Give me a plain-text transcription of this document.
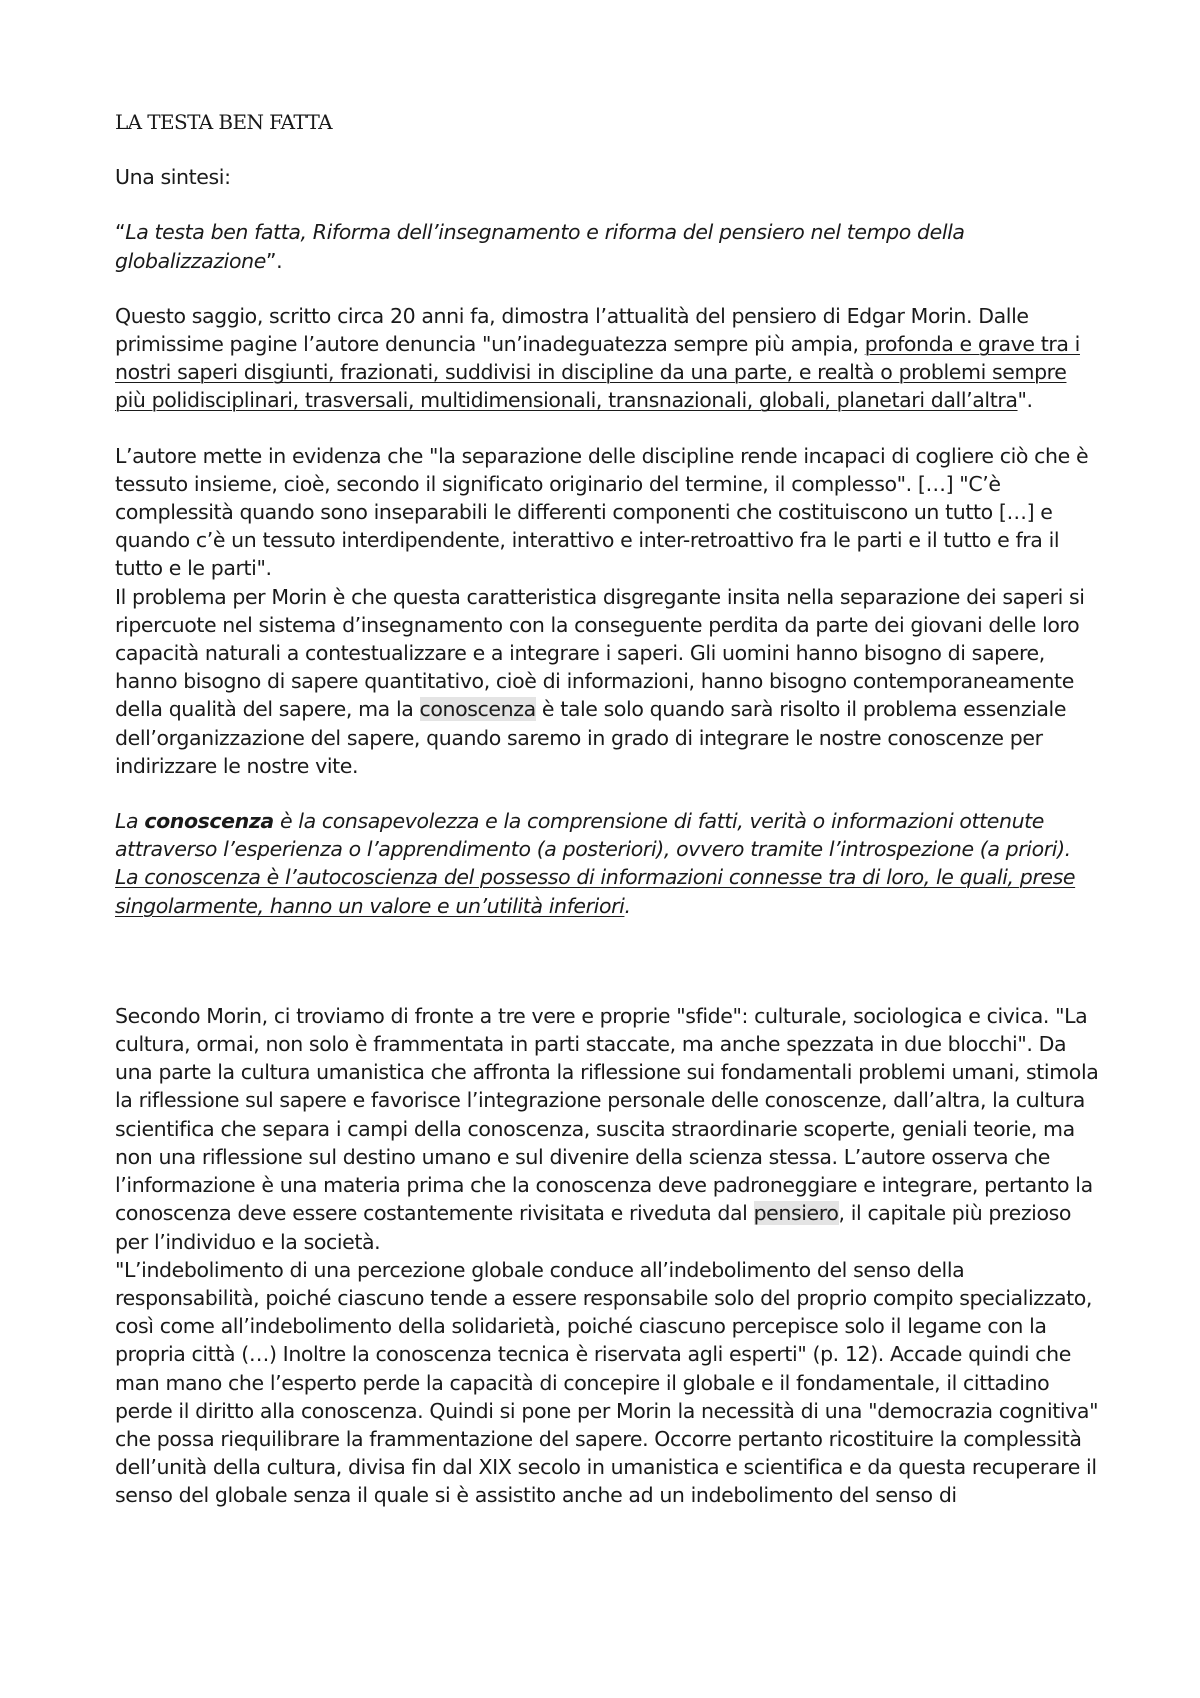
LA TESTA BEN FATTA

Una sintesi:

“La testa ben fatta, Riforma dell’insegnamento e riforma del pensiero nel tempo della globalizzazione”.

Questo saggio, scritto circa 20 anni fa, dimostra l’attualità del pensiero di Edgar Morin. Dalle primissime pagine l’autore denuncia "un’inadeguatezza sempre più ampia, profonda e grave tra i nostri saperi disgiunti, frazionati, suddivisi in discipline da una parte, e realtà o problemi sempre più polidisciplinari, trasversali, multidimensionali, transnazionali, globali, planetari dall’altra".

L’autore mette in evidenza che "la separazione delle discipline rende incapaci di cogliere ciò che è tessuto insieme, cioè, secondo il significato originario del termine, il complesso". […] "C’è complessità quando sono inseparabili le differenti componenti che costituiscono un tutto […] e quando c’è un tessuto interdipendente, interattivo e inter-retroattivo fra le parti e il tutto e fra il tutto e le parti".
Il problema per Morin è che questa caratteristica disgregante insita nella separazione dei saperi si ripercuote nel sistema d’insegnamento con la conseguente perdita da parte dei giovani delle loro capacità naturali a contestualizzare e a integrare i saperi. Gli uomini hanno bisogno di sapere, hanno bisogno di sapere quantitativo, cioè di informazioni, hanno bisogno contemporaneamente della qualità del sapere, ma la conoscenza è tale solo quando sarà risolto il problema essenziale dell’organizzazione del sapere, quando saremo in grado di integrare le nostre conoscenze per indirizzare le nostre vite.

La conoscenza è la consapevolezza e la comprensione di fatti, verità o informazioni ottenute attraverso l’esperienza o l’apprendimento (a posteriori), ovvero tramite l’introspezione (a priori). La conoscenza è l’autocoscienza del possesso di informazioni connesse tra di loro, le quali, prese singolarmente, hanno un valore e un’utilità inferiori.

Secondo Morin, ci troviamo di fronte a tre vere e proprie "sfide": culturale, sociologica e civica. "La cultura, ormai, non solo è frammentata in parti staccate, ma anche spezzata in due blocchi". Da una parte la cultura umanistica che affronta la riflessione sui fondamentali problemi umani, stimola la riflessione sul sapere e favorisce l’integrazione personale delle conoscenze, dall’altra, la cultura scientifica che separa i campi della conoscenza, suscita straordinarie scoperte, geniali teorie, ma non una riflessione sul destino umano e sul divenire della scienza stessa. L’autore osserva che l’informazione è una materia prima che la conoscenza deve padroneggiare e integrare, pertanto la conoscenza deve essere costantemente rivisitata e riveduta dal pensiero, il capitale più prezioso per l’individuo e la società.

"L’indebolimento di una percezione globale conduce all’indebolimento del senso della responsabilità, poiché ciascuno tende a essere responsabile solo del proprio compito specializzato, così come all’indebolimento della solidarietà, poiché ciascuno percepisce solo il legame con la propria città (…) Inoltre la conoscenza tecnica è riservata agli esperti" (p. 12). Accade quindi che man mano che l’esperto perde la capacità di concepire il globale e il fondamentale, il cittadino perde il diritto alla conoscenza. Quindi si pone per Morin la necessità di una "democrazia cognitiva" che possa riequilibrare la frammentazione del sapere. Occorre pertanto ricostituire la complessità dell’unità della cultura, divisa fin dal XIX secolo in umanistica e scientifica e da questa recuperare il senso del globale senza il quale si è assistito anche ad un indebolimento del senso di
